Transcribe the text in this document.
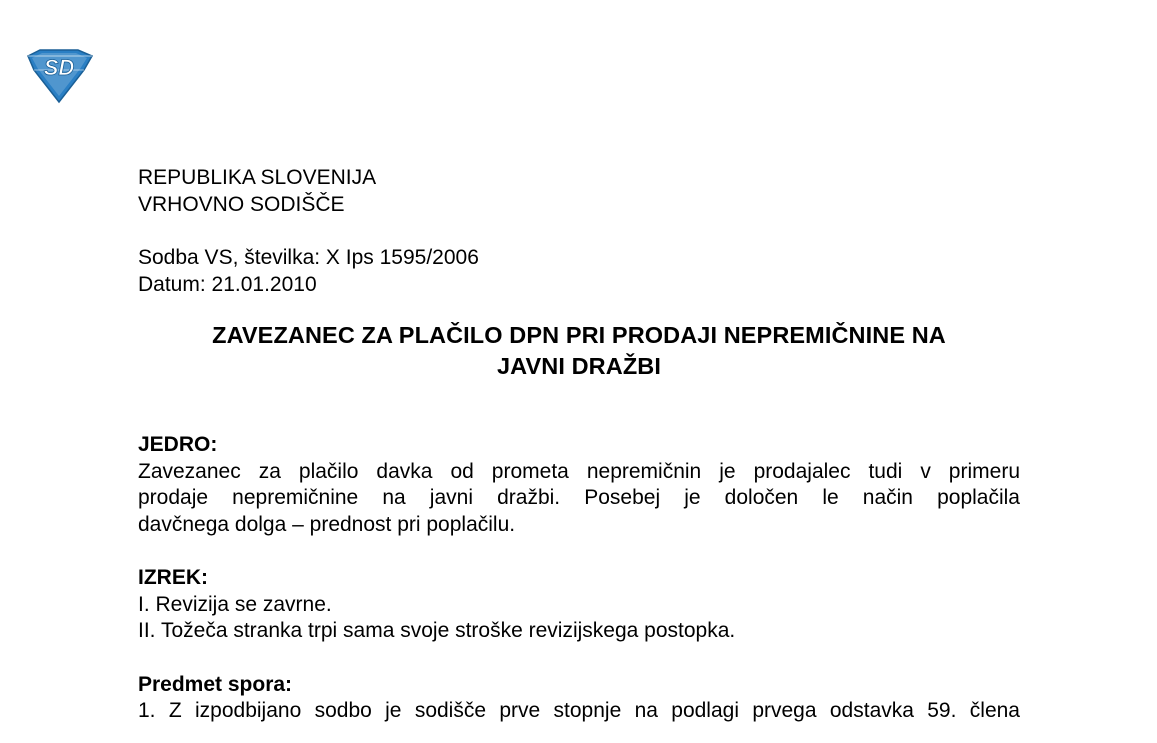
SD
REPUBLIKA SLOVENIJA
VRHOVNO SODIŠČE
Sodba VS, številka: X Ips 1595/2006
Datum: 21.01.2010
ZAVEZANEC ZA PLAČILO DPN PRI PRODAJI NEPREMIČNINE NA
JAVNI DRAŽBI
JEDRO:
Zavezanec za plačilo davka od prometa nepremičnin je prodajalec tudi v primeru
prodaje nepremičnine na javni dražbi. Posebej je določen le način poplačila
davčnega dolga – prednost pri poplačilu.
IZREK:
I. Revizija se zavrne.
II. Tožeča stranka trpi sama svoje stroške revizijskega postopka.
Predmet spora:
1. Z izpodbijano sodbo je sodišče prve stopnje na podlagi prvega odstavka 59. člena
